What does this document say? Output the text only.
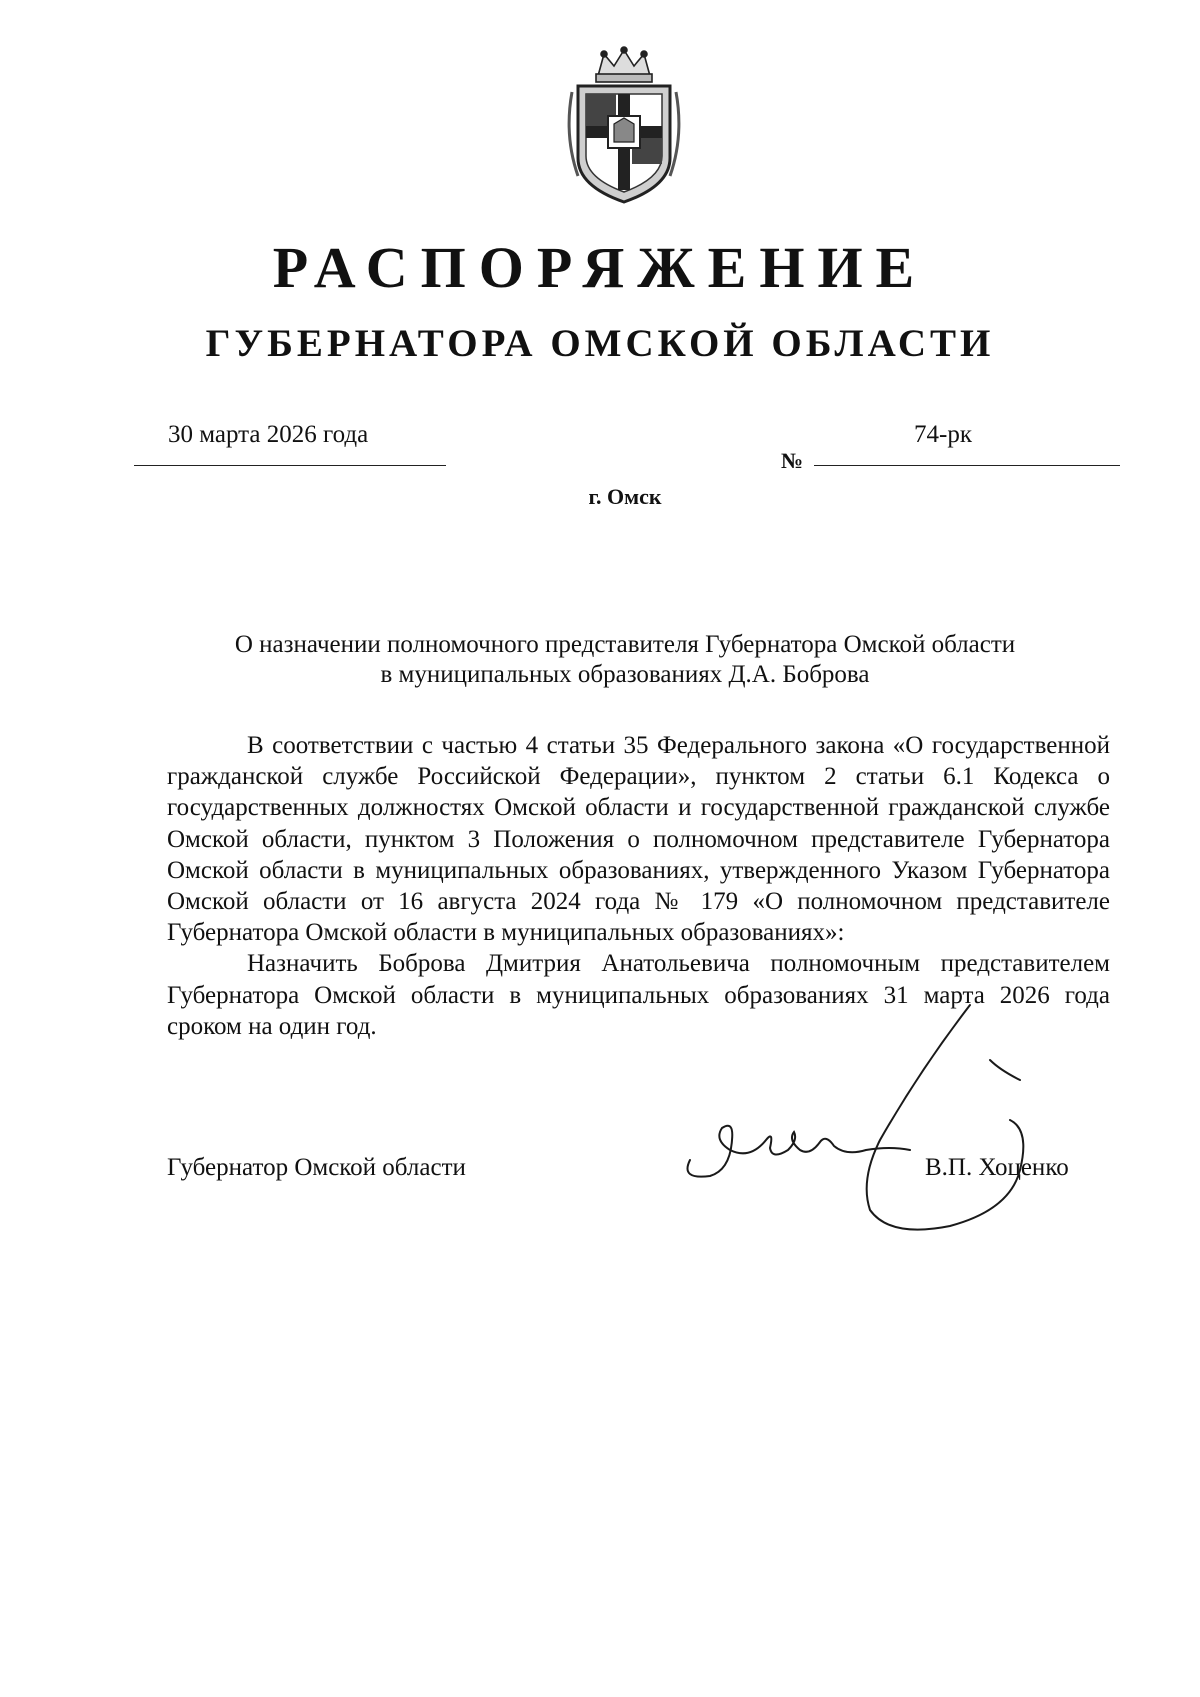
РАСПОРЯЖЕНИЕ
ГУБЕРНАТОРА ОМСКОЙ ОБЛАСТИ
30 марта 2026 года
№
74-рк
г. Омск
О назначении полномочного представителя Губернатора Омской области
в муниципальных образованиях Д.А. Боброва

В соответствии с частью 4 статьи 35 Федерального закона «О государственной гражданской службе Российской Федерации», пунктом 2 статьи 6.1 Кодекса о государственных должностях Омской области и государственной гражданской службе Омской области, пунктом 3 Положения о полномочном представителе Губернатора Омской области в муниципальных образованиях, утвержденного Указом Губернатора Омской области от 16 августа 2024 года № 179 «О полномочном представителе Губернатора Омской области в муниципальных образованиях»:

Назначить Боброва Дмитрия Анатольевича полномочным представителем Губернатора Омской области в муниципальных образованиях 31 марта 2026 года сроком на один год.

Губернатор Омской области	В.П. Хоценко
